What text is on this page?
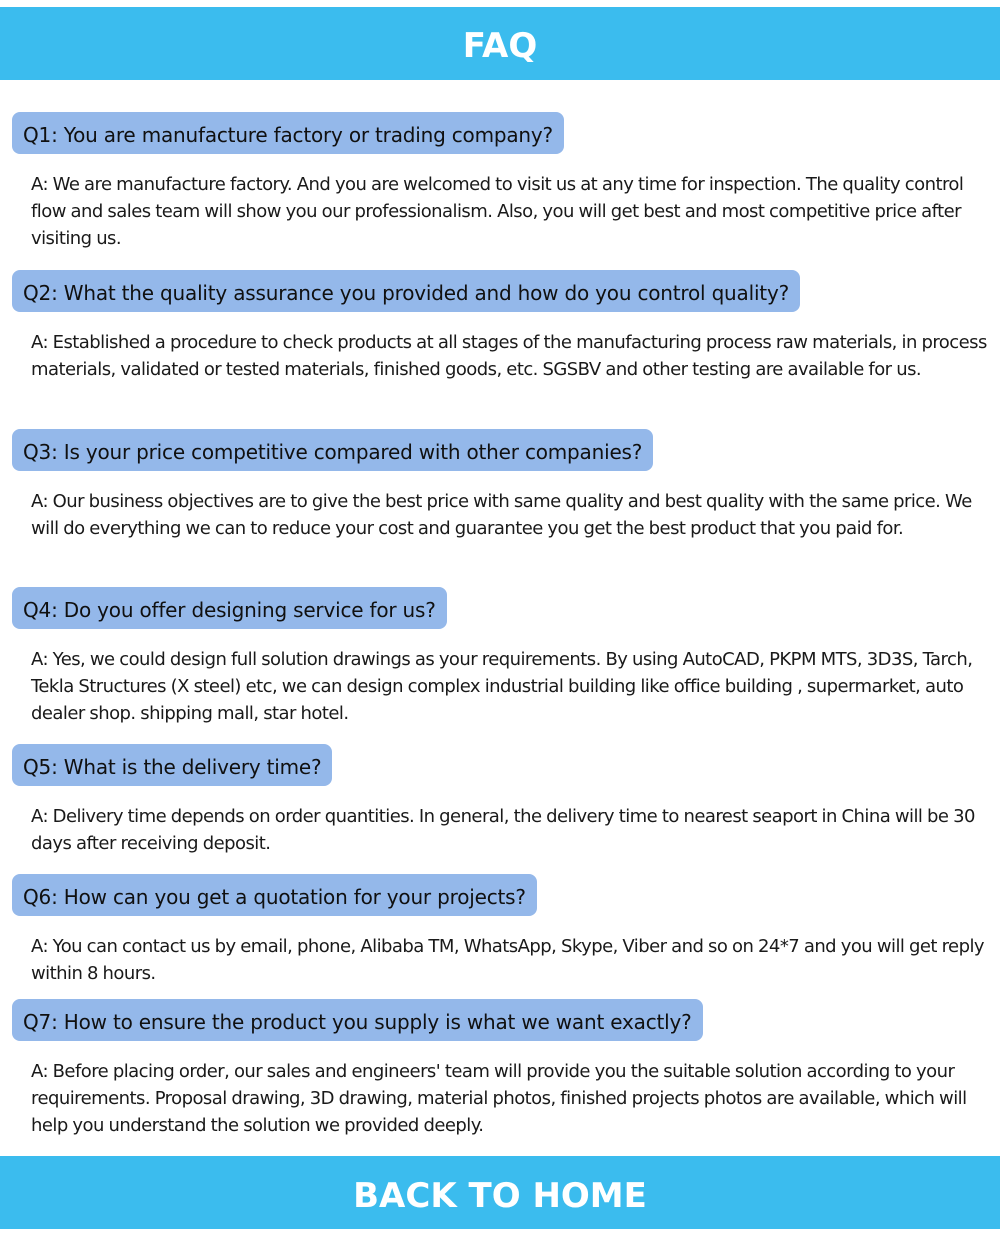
FAQ
Q1: You are manufacture factory or trading company?
A: We are manufacture factory. And you are welcomed to visit us at any time for inspection. The quality control flow and sales team will show you our professionalism. Also, you will get best and most competitive price after visiting us.
Q2: What the quality assurance you provided and how do you control quality?
A: Established a procedure to check products at all stages of the manufacturing process raw materials, in process materials, validated or tested materials, finished goods, etc. SGSBV and other testing are available for us.
Q3: Is your price competitive compared with other companies?
A: Our business objectives are to give the best price with same quality and best quality with the same price. We will do everything we can to reduce your cost and guarantee you get the best product that you paid for.
Q4: Do you offer designing service for us?
A: Yes, we could design full solution drawings as your requirements. By using AutoCAD, PKPM MTS, 3D3S, Tarch, Tekla Structures (X steel) etc, we can design complex industrial building like office building , supermarket, auto dealer shop. shipping mall, star hotel.
Q5: What is the delivery time?
A: Delivery time depends on order quantities. In general, the delivery time to nearest seaport in China will be 30 days after receiving deposit.
Q6: How can you get a quotation for your projects?
A: You can contact us by email, phone, Alibaba TM, WhatsApp, Skype, Viber and so on 24*7 and you will get reply within 8 hours.
Q7: How to ensure the product you supply is what we want exactly?
A: Before placing order, our sales and engineers' team will provide you the suitable solution according to your requirements. Proposal drawing, 3D drawing, material photos, finished projects photos are available, which will help you understand the solution we provided deeply.
BACK TO HOME
